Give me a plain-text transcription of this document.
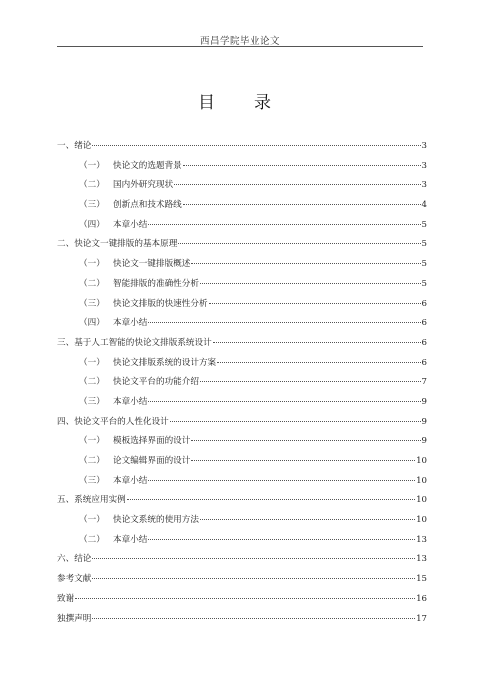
西昌学院毕业论文
目　录
一、绪论	3
（一） 快论文的选题背景	3
（二） 国内外研究现状	3
（三） 创新点和技术路线	4
（四） 本章小结	5
二、快论文一键排版的基本原理	5
（一） 快论文一键排版概述	5
（二） 智能排版的准确性分析	5
（三） 快论文排版的快速性分析	6
（四） 本章小结	6
三、基于人工智能的快论文排版系统设计	6
（一） 快论文排版系统的设计方案	6
（二） 快论文平台的功能介绍	7
（三） 本章小结	9
四、快论文平台的人性化设计	9
（一） 模板选择界面的设计	9
（二） 论文编辑界面的设计	10
（三） 本章小结	10
五、系统应用实例	10
（一） 快论文系统的使用方法	10
（二） 本章小结	13
六、结论	13
参考文献	15
致谢	16
独撰声明	17
